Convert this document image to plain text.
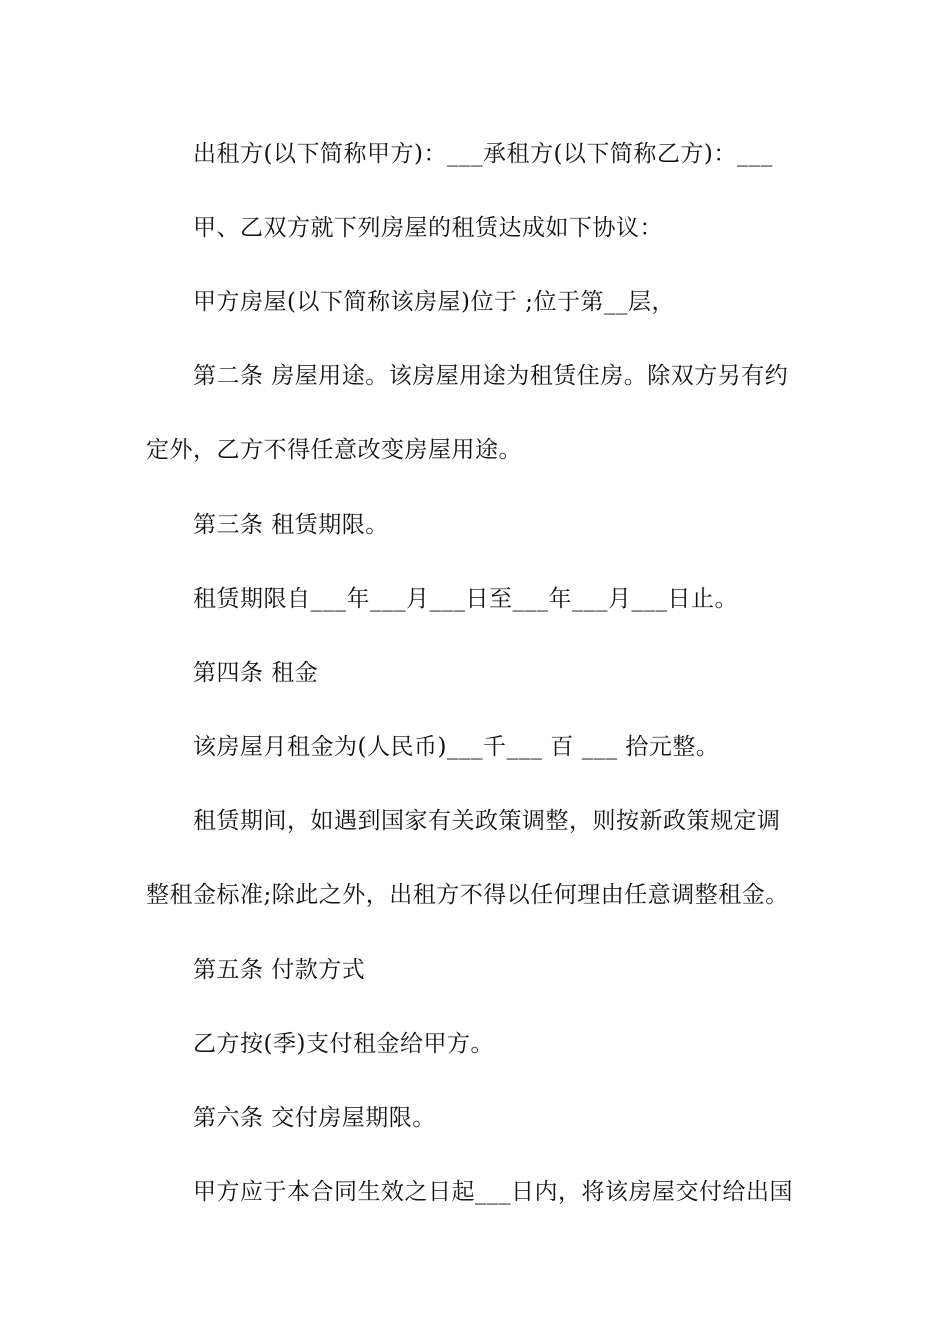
出租方(以下简称甲方)：___承租方(以下简称乙方)：___
甲、乙双方就下列房屋的租赁达成如下协议：
甲方房屋(以下简称该房屋)位于 ;位于第__层，
第二条 房屋用途。该房屋用途为租赁住房。除双方另有约
定外，乙方不得任意改变房屋用途。
第三条 租赁期限。
租赁期限自___年___月___日至___年___月___日止。
第四条 租金
该房屋月租金为(人民币)___千___ 百 ___ 拾元整。
租赁期间，如遇到国家有关政策调整，则按新政策规定调
整租金标准;除此之外，出租方不得以任何理由任意调整租金。
第五条 付款方式
乙方按(季)支付租金给甲方。
第六条 交付房屋期限。
甲方应于本合同生效之日起___日内，将该房屋交付给出国
